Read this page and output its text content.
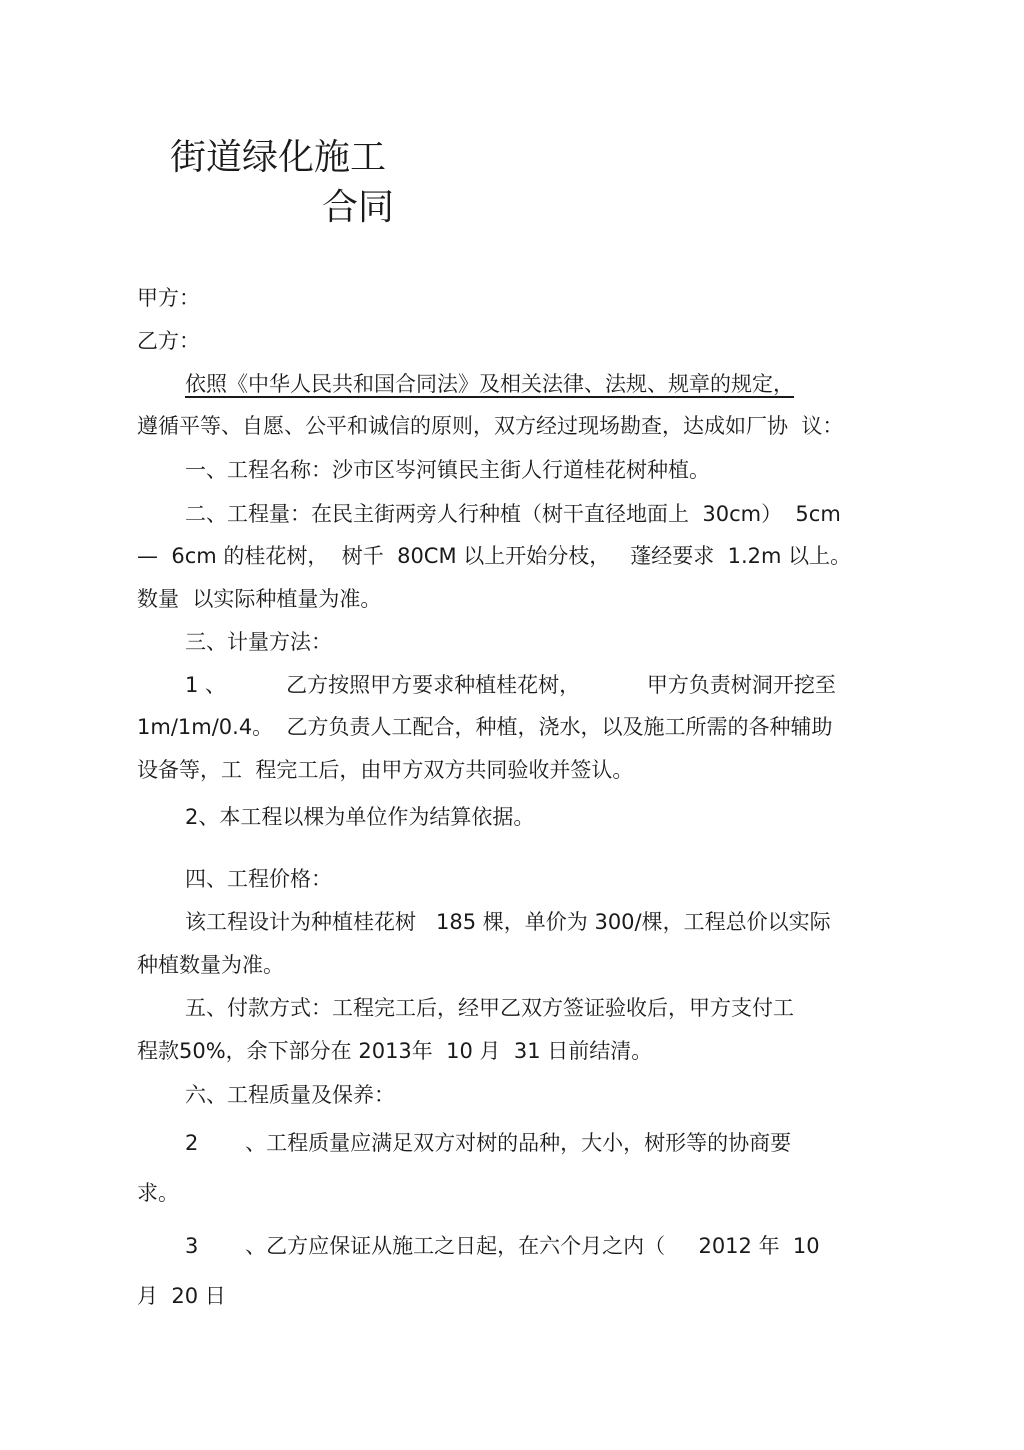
街道绿化施工
合同
甲方：
乙方：
依照《中华人民共和国合同法》及相关法律、法规、规章的规定，
遵循平等、自愿、公平和诚信的原则，双方经过现场勘查，达成如厂协  议：
一、工程名称：沙市区岑河镇民主街人行道桂花树种植。
二、工程量：在民主街两旁人行种植（树干直径地面上  30cm）  5cm
—  6cm 的桂花树，  树千  80CM 以上开始分枝，   蓬经要求  1.2m 以上。
数量  以实际种植量为准。
三、计量方法：
1 、         乙方按照甲方要求种植桂花树，          甲方负责树洞开挖至
1m/1m/0.4。  乙方负责人工配合，种植，浇水，以及施工所需的各种辅助
设备等，工  程完工后，由甲方双方共同验收并签认。
2、本工程以棵为单位作为结算依据。
四、工程价格：
该工程设计为种植桂花树   185 棵，单价为 300/棵，工程总价以实际
种植数量为准。
五、付款方式：工程完工后，经甲乙双方签证验收后，甲方支付工
程款50%，余下部分在 2013年  10 月  31 日前结清。
六、工程质量及保养：
2       、工程质量应满足双方对树的品种，大小，树形等的协商要
求。
3       、乙方应保证从施工之日起，在六个月之内（     2012 年  10
月  20 日
